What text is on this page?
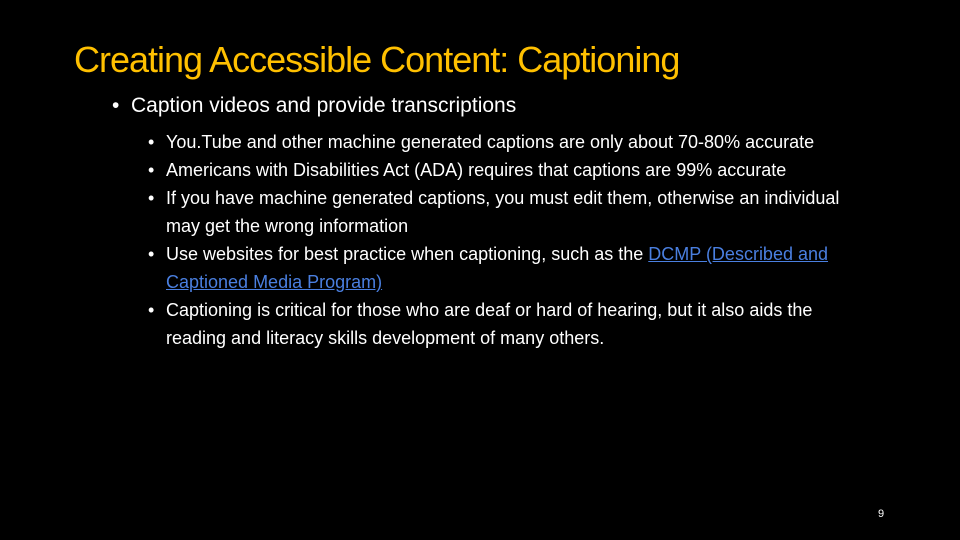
Creating Accessible Content: Captioning
• Caption videos and provide transcriptions
• You.Tube and other machine generated captions are only about 70-80% accurate
• Americans with Disabilities Act (ADA) requires that captions are 99% accurate
• If you have machine generated captions, you must edit them, otherwise an individual may get the wrong information
• Use websites for best practice when captioning, such as the DCMP (Described and Captioned Media Program)
• Captioning is critical for those who are deaf or hard of hearing, but it also aids the reading and literacy skills development of many others.
9
